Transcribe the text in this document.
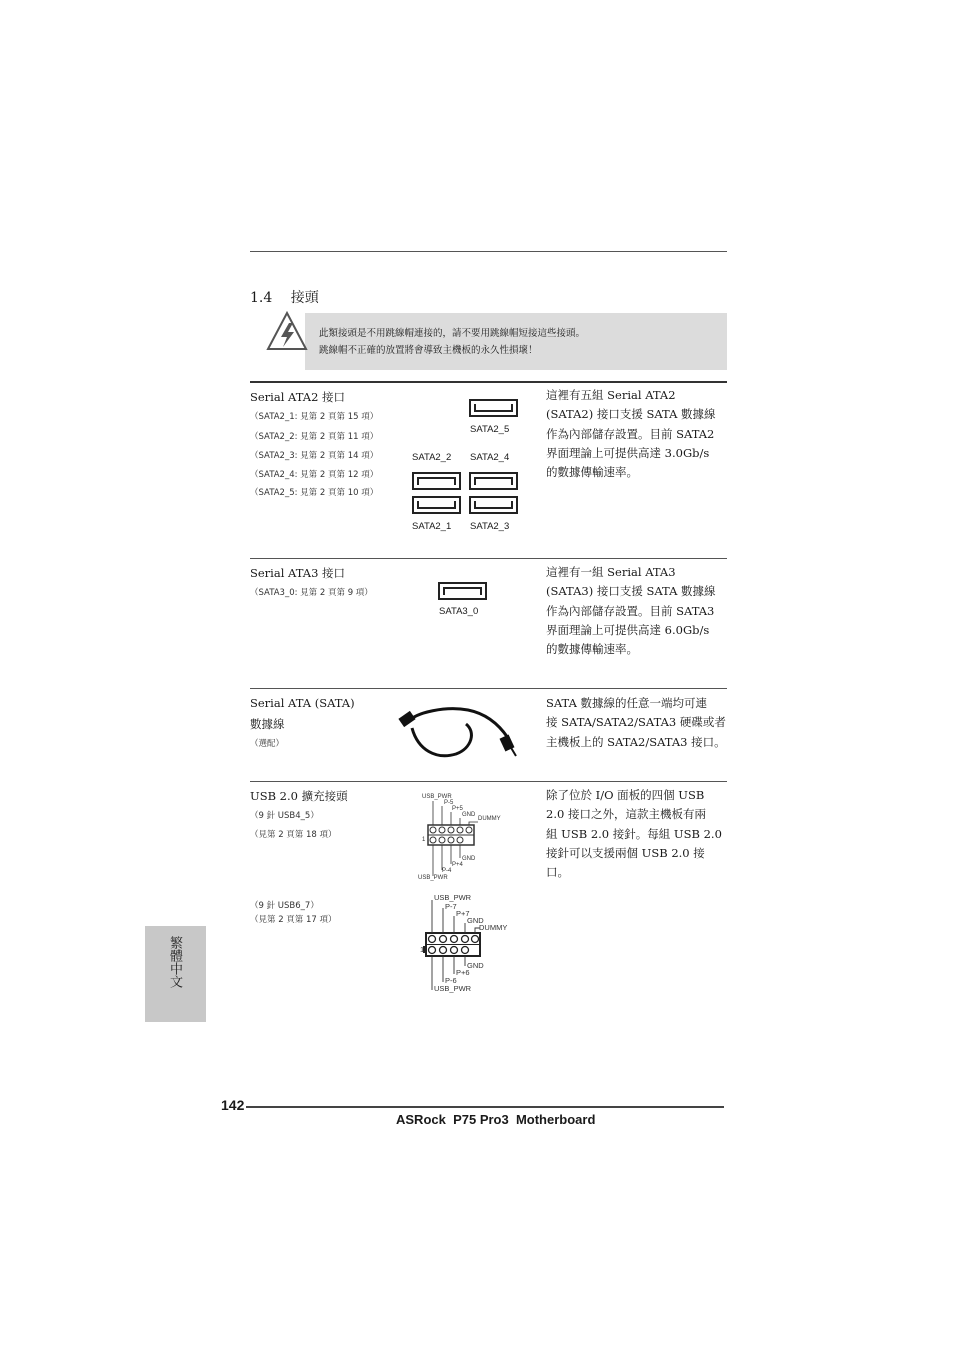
1.4 接頭
此類接頭是不用跳線帽連接的，請不要用跳線帽短接這些接頭。
跳線帽不正確的放置將會導致主機板的永久性損壞！
Serial ATA2 接口
（SATA2_1: 見第 2 頁第 15 項）
（SATA2_2: 見第 2 頁第 11 項）
（SATA2_3: 見第 2 頁第 14 項）
（SATA2_4: 見第 2 頁第 12 項）
（SATA2_5: 見第 2 頁第 10 項）
SATA2_5
SATA2_2 SATA2_4
SATA2_1 SATA2_3
這裡有五組 Serial ATA2
(SATA2) 接口支援 SATA 數據線
作為內部儲存設置。目前 SATA2
界面理論上可提供高達 3.0Gb/s
的數據傳輸速率。
Serial ATA3 接口
（SATA3_0: 見第 2 頁第 9 項）
SATA3_0
這裡有一組 Serial ATA3
(SATA3) 接口支援 SATA 數據線
作為內部儲存設置。目前 SATA3
界面理論上可提供高達 6.0Gb/s
的數據傳輸速率。
Serial ATA (SATA)
數據線
（選配）
SATA 數據線的任意一端均可連
接 SATA/SATA2/SATA3 硬碟或者
主機板上的 SATA2/SATA3 接口。
USB 2.0 擴充接頭
（9 針 USB4_5）
（見第 2 頁第 18 項）
（9 針 USB6_7）
（見第 2 頁第 17 項）
USB_PWR
P-5
P+5
GND
DUMMY
1
GND
P+4
P-4
USB_PWR
USB_PWR
P-7
P+7
GND
DUMMY
1
GND
P+6
P-6
USB_PWR
除了位於 I/O 面板的四個 USB
2.0 接口之外，這款主機板有兩
組 USB 2.0 接針。每組 USB 2.0
接針可以支援兩個 USB 2.0 接
口。
繁體中文
142
ASRock  P75 Pro3  Motherboard
